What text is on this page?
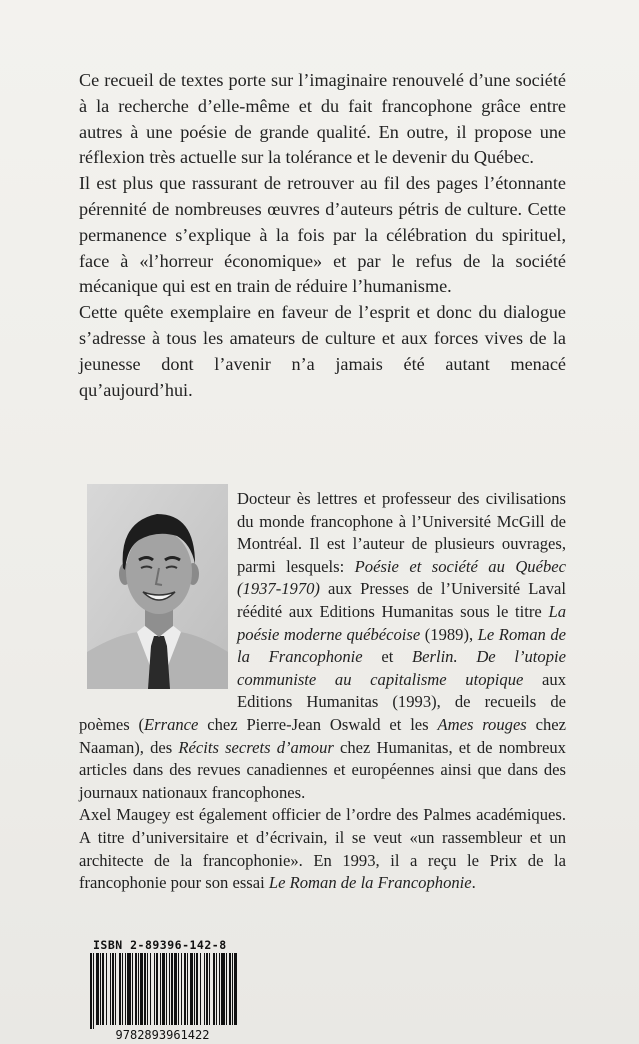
Ce recueil de textes porte sur l’imaginaire renouvelé d’une société à la recherche d’elle-même et du fait francophone grâce entre autres à une poésie de grande qualité. En outre, il propose une réflexion très actuelle sur la tolérance et le devenir du Québec.

Il est plus que rassurant de retrouver au fil des pages l’étonnante pérennité de nombreuses œuvres d’auteurs pétris de culture. Cette permanence s’explique à la fois par la célébration du spirituel, face à «l’horreur économique» et par le refus de la société mécanique qui est en train de réduire l’humanisme.

Cette quête exemplaire en faveur de l’esprit et donc du dialogue s’adresse à tous les amateurs de culture et aux forces vives de la jeunesse dont l’avenir n’a jamais été autant menacé qu’aujourd’hui.

Docteur ès lettres et professeur des civilisations du monde francophone à l’Université McGill de Montréal. Il est l’auteur de plusieurs ouvrages, parmi lesquels: Poésie et société au Québec (1937-1970) aux Presses de l’Université Laval réédité aux Editions Humanitas sous le titre La poésie moderne québécoise (1989), Le Roman de la Francophonie et Berlin. De l’utopie communiste au capitalisme utopique aux Editions Humanitas (1993), de recueils de poèmes (Errance chez Pierre-Jean Oswald et les Ames rouges chez Naaman), des Récits secrets d’amour chez Humanitas, et de nombreux articles dans des revues canadiennes et européennes ainsi que dans des journaux nationaux francophones.

Axel Maugey est également officier de l’ordre des Palmes académiques. A titre d’universitaire et d’écrivain, il se veut «un rassembleur et un architecte de la francophonie». En 1993, il a reçu le Prix de la francophonie pour son essai Le Roman de la Francophonie.

ISBN 2-89396-142-8
9782893961422
